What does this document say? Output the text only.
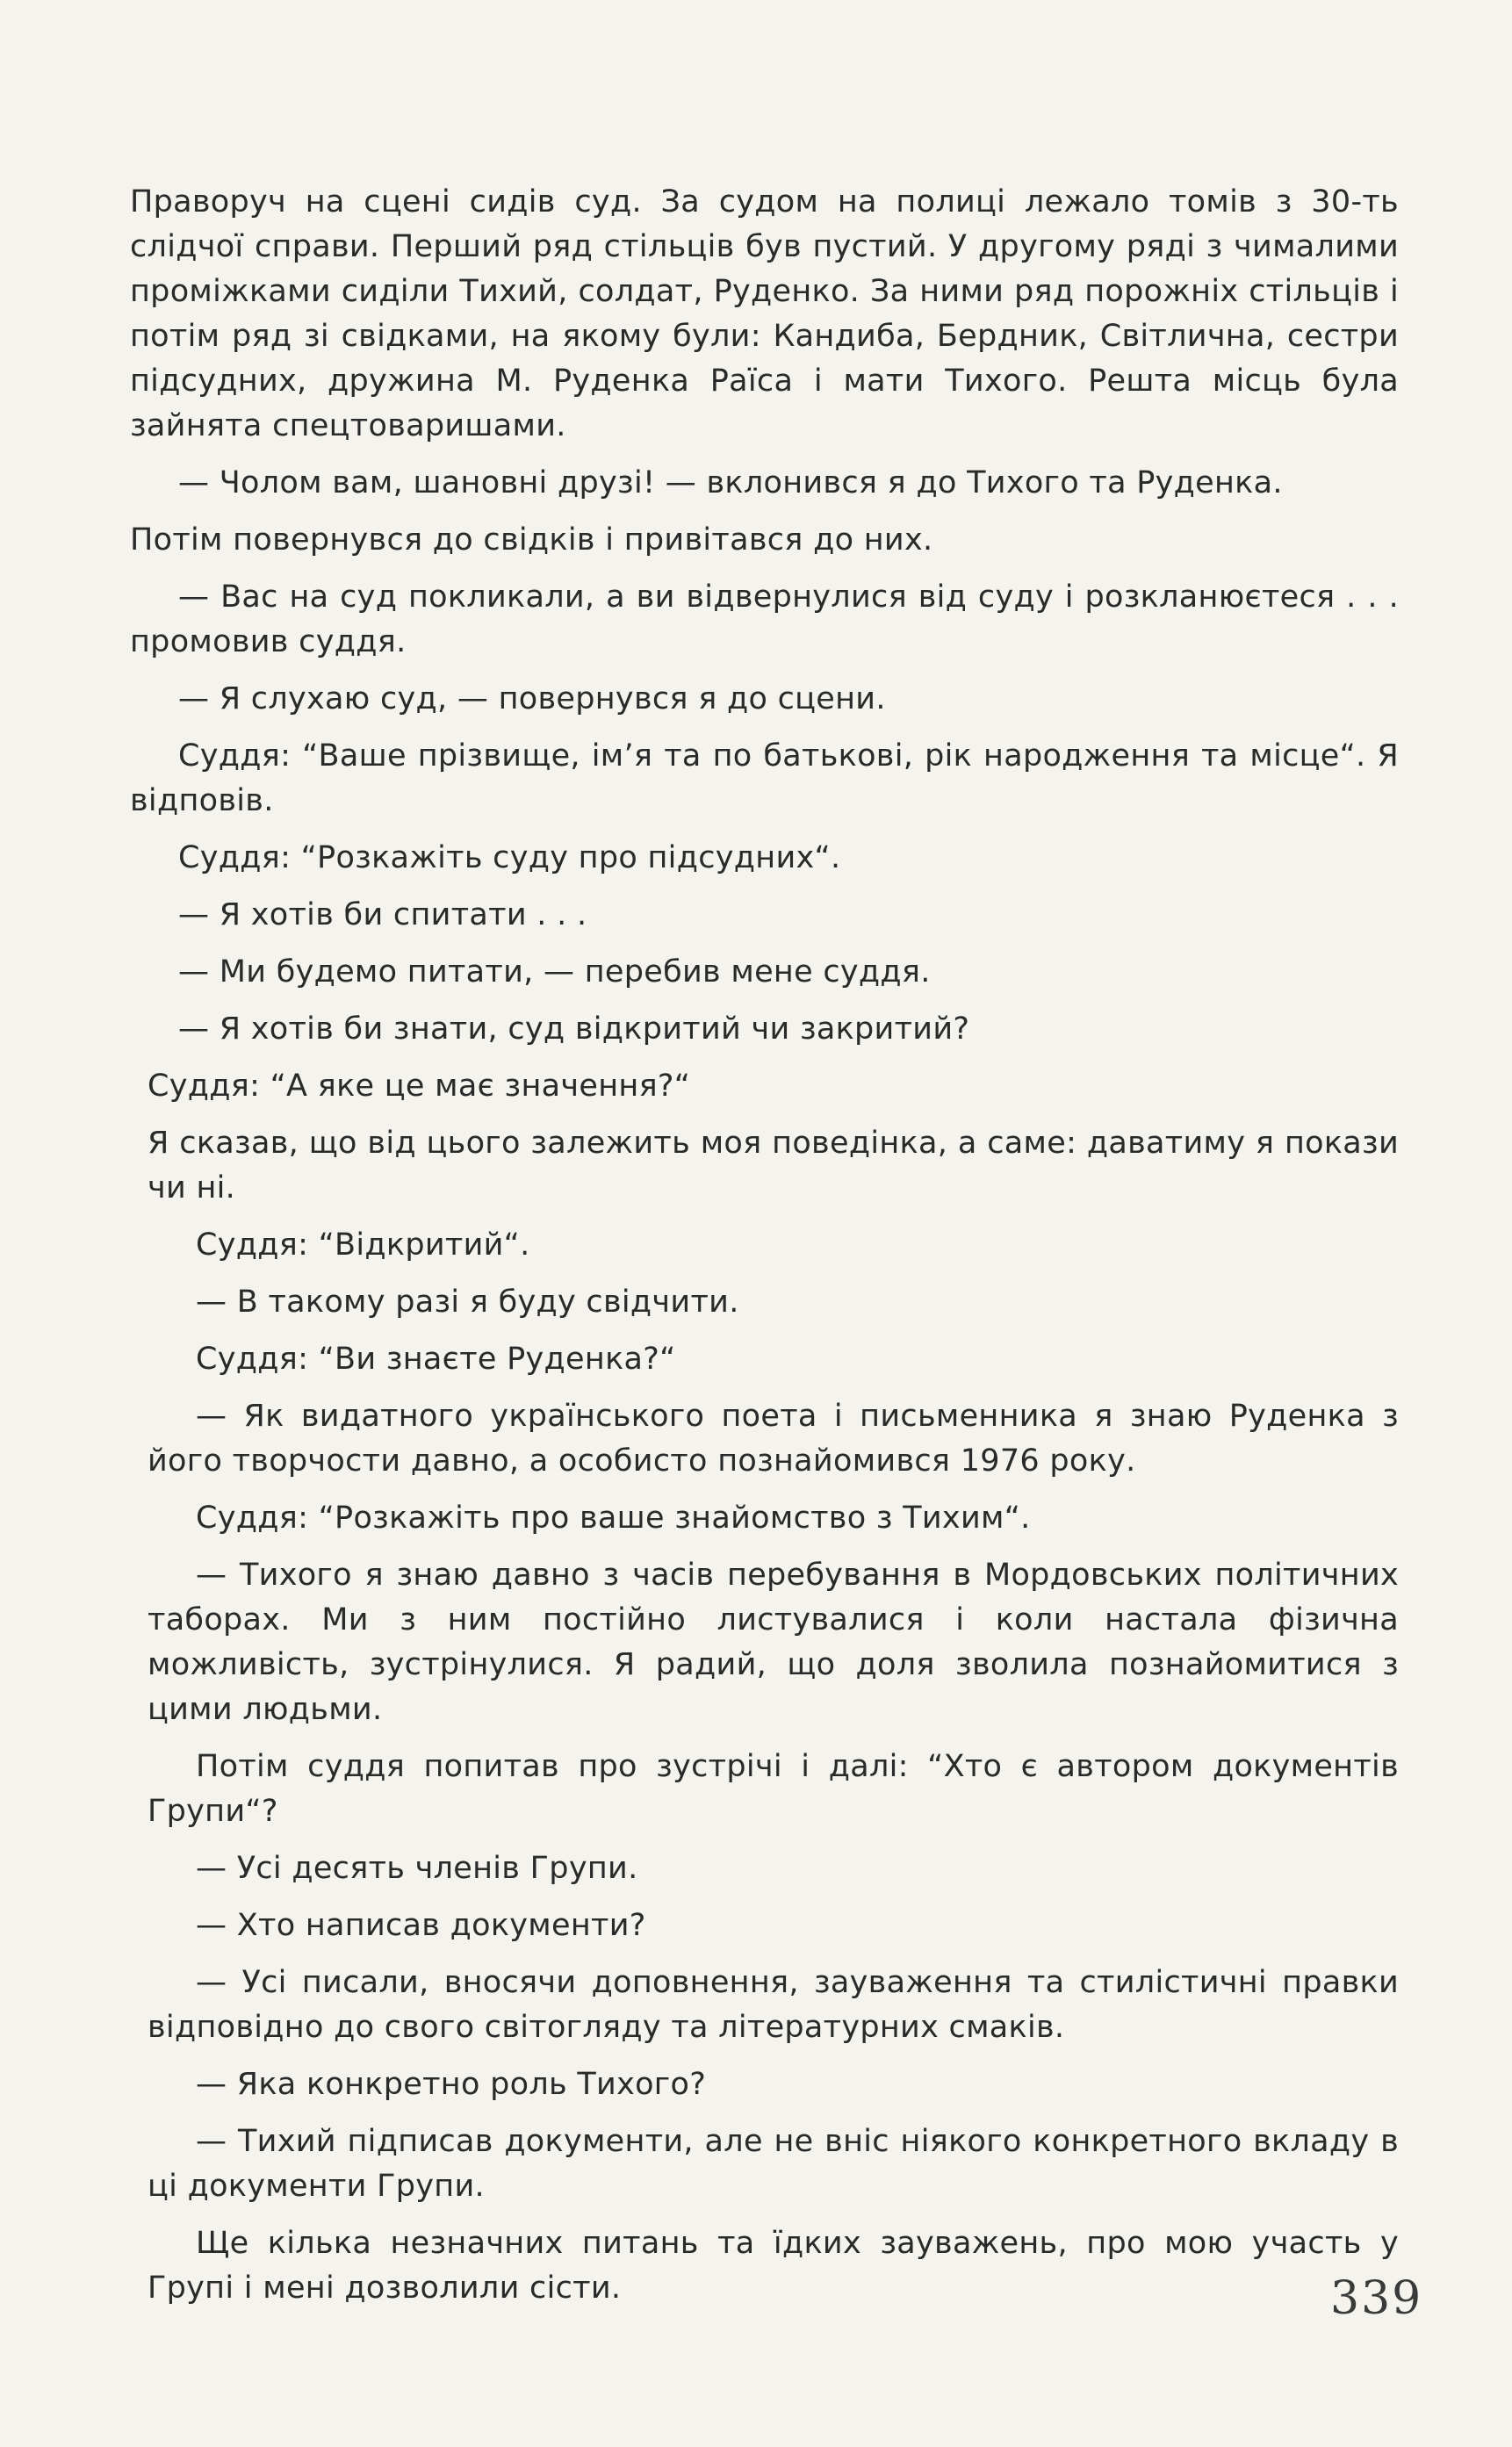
Праворуч на сцені сидів суд. За судом на полиці лежало томів з 30-ть слідчої справи. Перший ряд стільців був пустий. У другому ряді з чималими проміжками сиділи Тихий, солдат, Руденко. За ними ряд порожніх стільців і потім ряд зі свідками, на якому були: Кандиба, Бердник, Світлична, сестри підсудних, дружина М. Руденка Раїса і мати Тихого. Решта місць була зайнята спецтоваришами.

— Чолом вам, шановні друзі! — вклонився я до Тихого та Руденка.

Потім повернувся до свідків і привітався до них.

— Вас на суд покликали, а ви відвернулися від суду і розкланюєтеся . . . промовив суддя.

— Я слухаю суд, — повернувся я до сцени.

Суддя: “Ваше прізвище, ім’я та по батькові, рік народження та місце“. Я відповів.

Суддя: “Розкажіть суду про підсудних“.

— Я хотів би спитати . . .

— Ми будемо питати, — перебив мене суддя.

— Я хотів би знати, суд відкритий чи закритий?

Суддя: “А яке це має значення?“

Я сказав, що від цього залежить моя поведінка, а саме: даватиму я покази чи ні.

Суддя: “Відкритий“.

— В такому разі я буду свідчити.

Суддя: “Ви знаєте Руденка?“

— Як видатного українського поета і письменника я знаю Руденка з його творчости давно, а особисто познайомився 1976 року.

Суддя: “Розкажіть про ваше знайомство з Тихим“.

— Тихого я знаю давно з часів перебування в Мордовських політичних таборах. Ми з ним постійно листувалися і коли настала фізична можливість, зустрінулися. Я радий, що доля зволила познайомитися з цими людьми.

Потім суддя попитав про зустрічі і далі: “Хто є автором документів Групи“?

— Усі десять членів Групи.

— Хто написав документи?

— Усі писали, вносячи доповнення, зауваження та стилістичні правки відповідно до свого світогляду та літературних смаків.

— Яка конкретно роль Тихого?

— Тихий підписав документи, але не вніс ніякого конкретного вкладу в ці документи Групи.

Ще кілька незначних питань та їдких зауважень, про мою участь у Групі і мені дозволили сісти.	339
